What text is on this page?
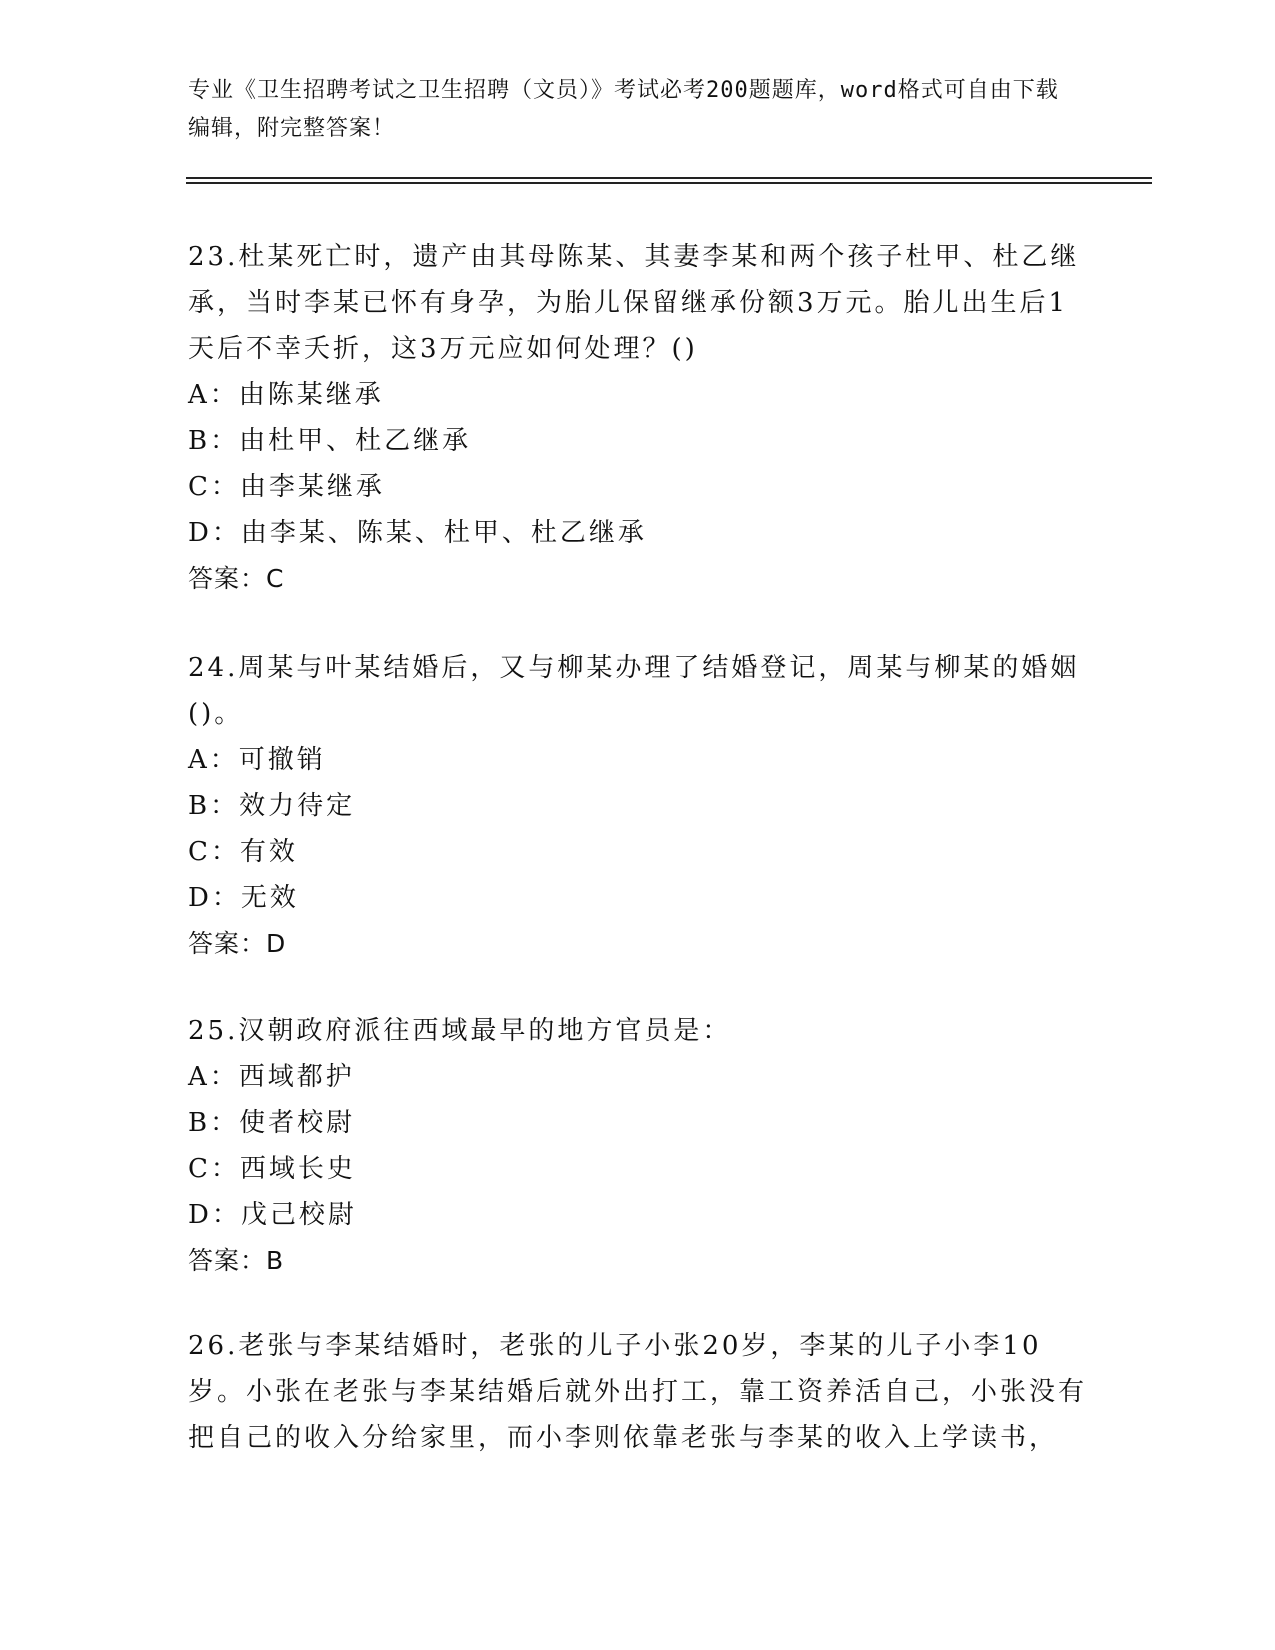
专业《卫生招聘考试之卫生招聘（文员）》考试必考200题题库，word格式可自由下载编辑，附完整答案！

23.杜某死亡时，遗产由其母陈某、其妻李某和两个孩子杜甲、杜乙继承，当时李某已怀有身孕，为胎儿保留继承份额3万元。胎儿出生后1天后不幸夭折，这3万元应如何处理？()

A：由陈某继承

B：由杜甲、杜乙继承

C：由李某继承

D：由李某、陈某、杜甲、杜乙继承

答案：C

24.周某与叶某结婚后，又与柳某办理了结婚登记，周某与柳某的婚姻()。

A：可撤销

B：效力待定

C：有效

D：无效

答案：D

25.汉朝政府派往西域最早的地方官员是：

A：西域都护

B：使者校尉

C：西域长史

D：戊己校尉

答案：B

26.老张与李某结婚时，老张的儿子小张20岁，李某的儿子小李10岁。小张在老张与李某结婚后就外出打工，靠工资养活自己，小张没有把自己的收入分给家里，而小李则依靠老张与李某的收入上学读书，
